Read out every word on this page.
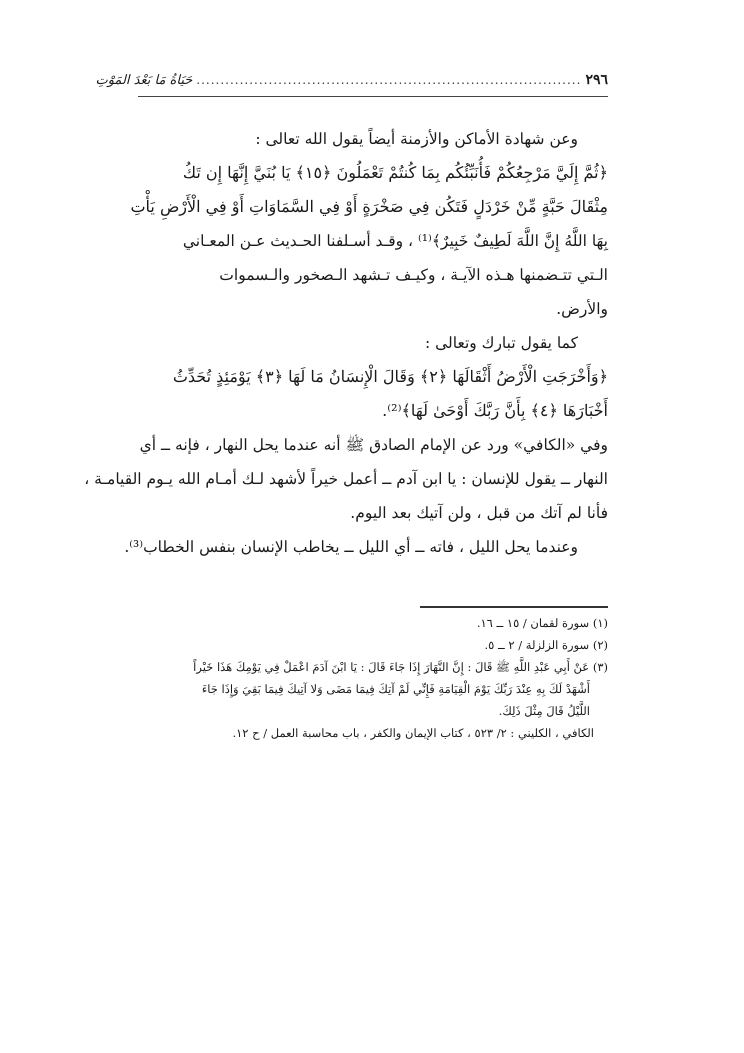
٢٩٦
................................................................................
حَيَاةُ مَا بَعْدَ المَوْتِ
وعن شهادة الأماكن والأزمنة أيضاً يقول الله تعالى :
﴿ثُمَّ إِلَيَّ مَرْجِعُكُمْ فَأُنَبِّئُكُم بِمَا كُنتُمْ تَعْمَلُونَ ﴿١٥﴾ يَا بُنَيَّ إِنَّهَا إِن تَكُ
مِثْقَالَ حَبَّةٍ مِّنْ خَرْدَلٍ فَتَكُن فِي صَخْرَةٍ أَوْ فِي السَّمَاوَاتِ أَوْ فِي الْأَرْضِ يَأْتِ
بِهَا اللَّهُ إِنَّ اللَّهَ لَطِيفٌ خَبِيرٌ﴾⁽¹⁾ ، وقـد أسـلفنا الحـديث عـن المعـاني
الـتي تتـضمنها هـذه الآيـة ، وكيـف تـشهد الـصخور والـسموات
والأرض.
كما يقول تبارك وتعالى :
﴿وَأَخْرَجَتِ الْأَرْضُ أَثْقَالَهَا ﴿٢﴾ وَقَالَ الْإِنسَانُ مَا لَهَا ﴿٣﴾ يَوْمَئِذٍ تُحَدِّثُ
أَخْبَارَهَا ﴿٤﴾ بِأَنَّ رَبَّكَ أَوْحَىٰ لَهَا﴾⁽²⁾.
وفي «الكافي» ورد عن الإمام الصادق ﷺ أنه عندما يحل النهار ، فإنه ــ أي
النهار ــ يقول للإنسان : يا ابن آدم ــ أعمل خيراً لأشهد لـك أمـام الله يـوم القيامـة ،
فأنا لم آتك من قبل ، ولن آتيك بعد اليوم.
وعندما يحل الليل ، فاته ــ أي الليل ــ يخاطب الإنسان بنفس الخطاب⁽³⁾.
(١) سورة لقمان / ١٥ ــ ١٦.
(٢) سورة الزلزلة / ٢ ــ ٥.
(٣) عَنْ أَبِي عَبْدِ اللَّهِ ﷺ قَالَ : إِنَّ النَّهَارَ إِذَا جَاءَ قَالَ : يَا ابْنَ آدَمَ اعْمَلْ فِي يَوْمِكَ هَذَا خَيْراً
أَشْهَدْ لَكَ بِهِ عِنْدَ رَبِّكَ يَوْمَ الْقِيَامَةِ فَإِنِّي لَمْ آتِكَ فِيمَا مَضَى وَلا آتِيكَ فِيمَا بَقِيَ وَإِذَا جَاءَ
اللَّيْلُ قَالَ مِثْلَ ذَلِكَ.
الكافي ، الكليني : ٢/ ٥٢٣ ، كتاب الإيمان والكفر ، باب محاسبة العمل / ح ١٢.
